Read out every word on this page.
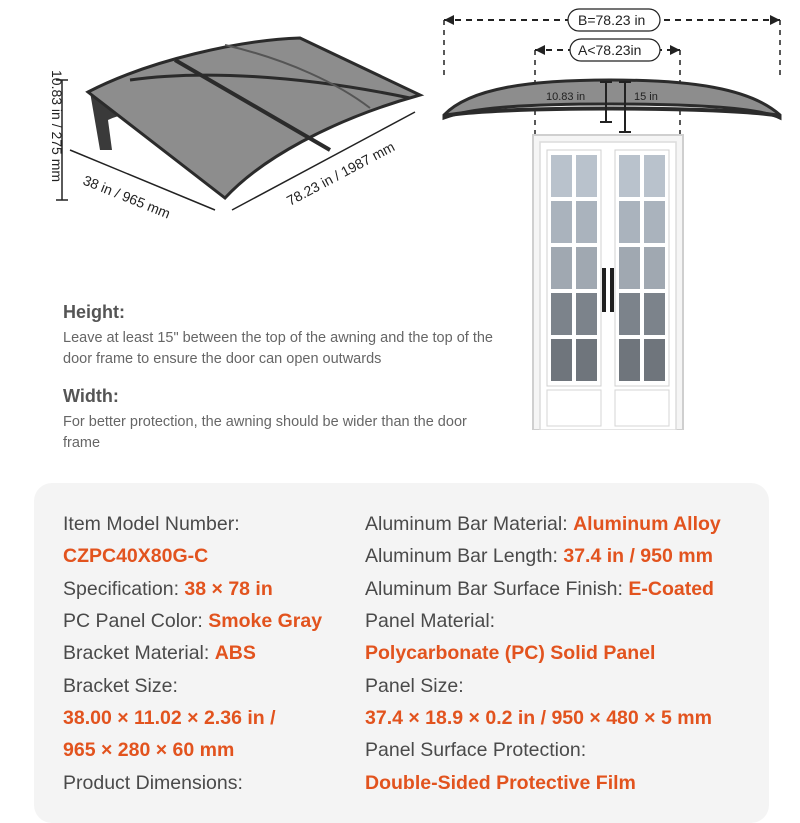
10.83 in / 275 mm
38 in / 965 mm	78.23 in / 1987 mm
B=78.23 in
A<78.23in
10.83 in	15 in
Height:
Leave at least 15" between the top of the awning and the top of the door frame to ensure the door can open outwards
Width:
For better protection, the awning should be wider than the door frame
Item Model Number:
CZPC40X80G-C
Specification: 38 × 78 in
PC Panel Color: Smoke Gray
Bracket Material: ABS
Bracket Size:
38.00 × 11.02 × 2.36 in /
965 × 280 × 60 mm
Product Dimensions:
Aluminum Bar Material: Aluminum Alloy
Aluminum Bar Length: 37.4 in / 950 mm
Aluminum Bar Surface Finish: E-Coated
Panel Material:
Polycarbonate (PC) Solid Panel
Panel Size:
37.4 × 18.9 × 0.2 in / 950 × 480 × 5 mm
Panel Surface Protection:
Double-Sided Protective Film
